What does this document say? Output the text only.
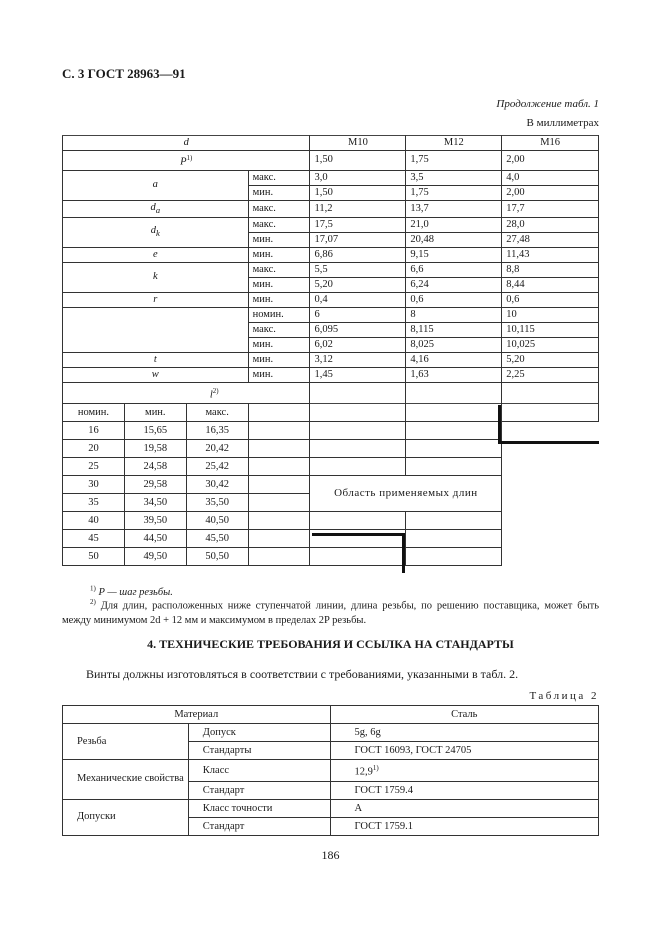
С. 3 ГОСТ 28963—91
Продолжение табл. 1
В миллиметрах
d				M10	M12	M16
$P^{1)}$				1,50	1,75	2,00
a			макс.	3,0	3,5	4,0
			мин.	1,50	1,75	2,00
$d_a$			макс.	11,2	13,7	17,7
$d_k$			макс.	17,5	21,0	28,0
			мин.	17,07	20,48	27,48
e			мин.	6,86	9,15	11,43
k			макс.	5,5	6,6	8,8
			мин.	5,20	6,24	8,44
r			мин.	0,4	0,6	0,6
			номин.	6	8	10
			макс.	6,095	8,115	10,115
			мин.	6,02	8,025	10,025
t			мин.	3,12	4,16	5,20
w			мин.	1,45	1,63	2,25
$l^{2)}$			
номин.	мин.	макс.				
16	15,65	16,35				
20	19,58	20,42				
25	24,58	25,42				
30	29,58	30,42		Область применяемых длин		
35	34,50	35,50				
40	39,50	40,50				
45	44,50	45,50				
50	49,50	50,50				
$^{1)}$ P — шаг резьбы.
$^{2)}$ Для длин, расположенных ниже ступенчатой линии, длина резьбы, по решению поставщика, может быть между минимумом 2d + 12 мм и максимумом в пределах 2P резьбы.
4. ТЕХНИЧЕСКИЕ ТРЕБОВАНИЯ И ССЫЛКА НА СТАНДАРТЫ
Винты должны изготовляться в соответствии с требованиями, указанными в табл. 2.
Таблица 2
Материал		Сталь
Резьба	Допуск	5g, 6g
	Стандарты	ГОСТ 16093, ГОСТ 24705
Механические свойства	Класс	12,9$^{1)}$
	Стандарт	ГОСТ 1759.4
Допуски	Класс точности	A
	Стандарт	ГОСТ 1759.1
186
